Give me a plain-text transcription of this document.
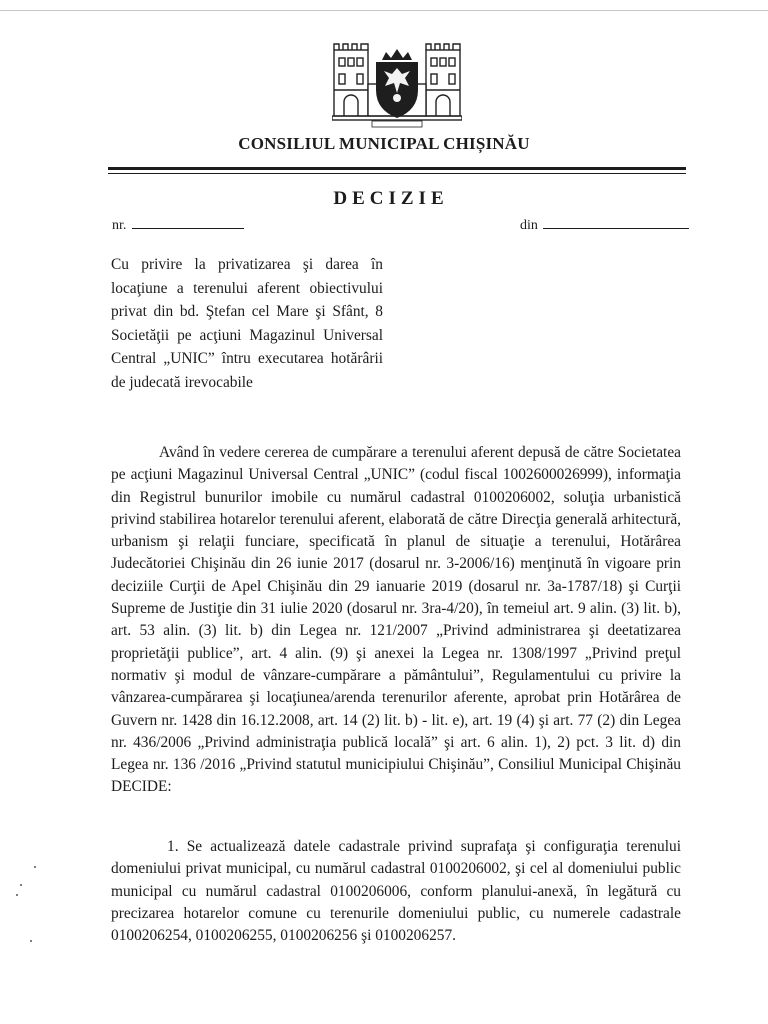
CONSILIUL MUNICIPAL CHIȘINĂU
DECIZIE
nr.	din
Cu privire la privatizarea şi darea în locaţiune a terenului aferent obiectivului privat din bd. Ştefan cel Mare şi Sfânt, 8 Societăţii pe acţiuni Magazinul Universal Central „UNIC” întru executarea hotărârii de judecată irevocabile
Având în vedere cererea de cumpărare a terenului aferent depusă de către Societatea pe acţiuni Magazinul Universal Central „UNIC” (codul fiscal 1002600026999), informaţia din Registrul bunurilor imobile cu numărul cadastral 0100206002, soluţia urbanistică privind stabilirea hotarelor terenului aferent, elaborată de către Direcţia generală arhitectură, urbanism şi relaţii funciare, specificată în planul de situaţie a terenului, Hotărârea Judecătoriei Chişinău din 26 iunie 2017 (dosarul nr. 3-2006/16) menţinută în vigoare prin deciziile Curţii de Apel Chişinău din 29 ianuarie 2019 (dosarul nr. 3a-1787/18) şi Curţii Supreme de Justiţie din 31 iulie 2020 (dosarul nr. 3ra-4/20), în temeiul art. 9 alin. (3) lit. b), art. 53 alin. (3) lit. b) din Legea nr. 121/2007 „Privind administrarea şi deetatizarea proprietăţii publice”, art. 4 alin. (9) şi anexei la Legea nr. 1308/1997 „Privind preţul normativ şi modul de vânzare-cumpărare a pământului”, Regulamentului cu privire la vânzarea-cumpărarea şi locaţiunea/arenda terenurilor aferente, aprobat prin Hotărârea de Guvern nr. 1428 din 16.12.2008, art. 14 (2) lit. b) - lit. e), art. 19 (4) şi art. 77 (2) din Legea nr. 436/2006 „Privind administraţia publică locală” şi art. 6 alin. 1), 2) pct. 3 lit. d) din Legea nr. 136 /2016 „Privind statutul municipiului Chişinău”, Consiliul Municipal Chişinău DECIDE:
1. Se actualizează datele cadastrale privind suprafaţa şi configuraţia terenului domeniului privat municipal, cu numărul cadastral 0100206002, şi cel al domeniului public municipal cu numărul cadastral 0100206006, conform planului-anexă, în legătură cu precizarea hotarelor comune cu terenurile domeniului public, cu numerele cadastrale 0100206254, 0100206255, 0100206256 şi 0100206257.
